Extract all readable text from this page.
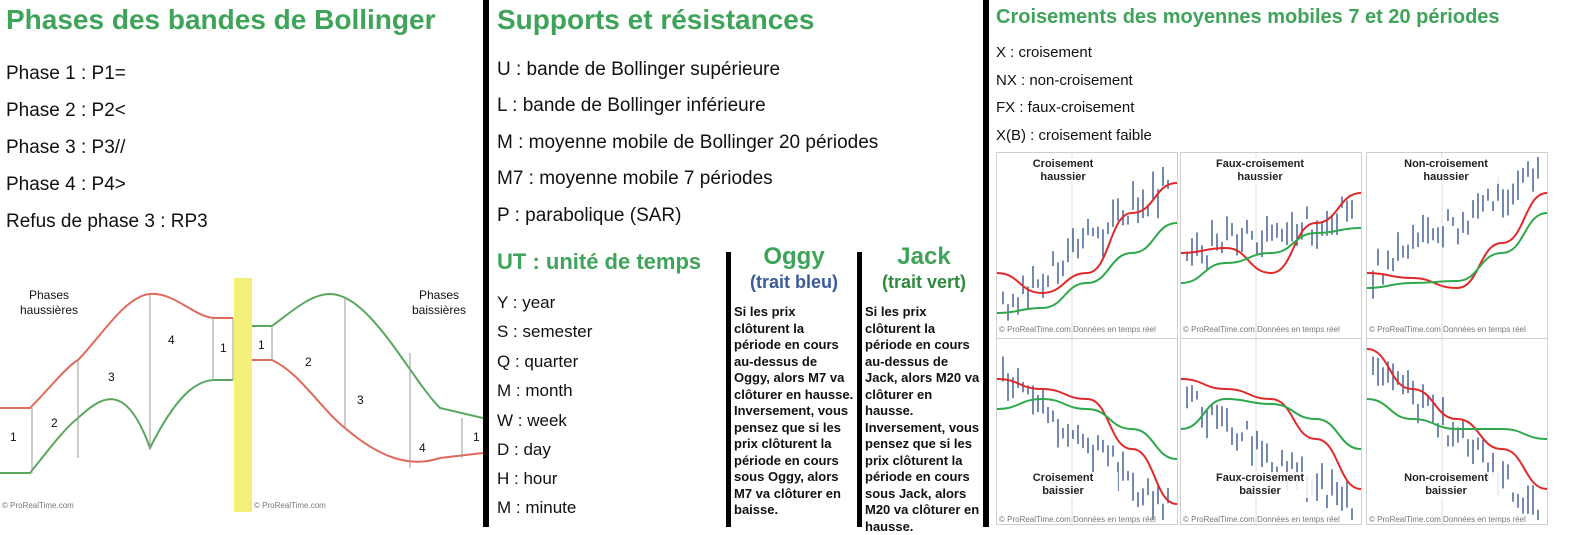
Phases des bandes de Bollinger
Phase 1 : P1=
Phase 2 : P2<
Phase 3 : P3//
Phase 4 : P4>
Refus de phase 3 : RP3
Phases
haussières
Phases
baissières
1
2
3
4
1	1
2
3
4
1
© ProRealTime.com	© ProRealTime.com
Supports et résistances
U : bande de Bollinger supérieure
L : bande de Bollinger inférieure
M : moyenne mobile de Bollinger 20 périodes
M7 : moyenne mobile 7 périodes
P : parabolique (SAR)
UT : unité de temps
Y : year
S : semester
Q : quarter
M : month
W : week
D : day
H : hour
M : minute
Oggy
(trait bleu)
Si les prix clôturent la période en cours au-dessus de Oggy, alors M7 va clôturer en hausse. Inversement, vous pensez que si les prix clôturent la période en cours sous Oggy, alors M7 va clôturer en baisse.
Jack
(trait vert)
Si les prix clôturent la période en cours au-dessus de Jack, alors M20 va clôturer en hausse. Inversement, vous pensez que si les prix clôturent la période en cours sous Jack, alors M20 va clôturer en hausse.
Croisements des moyennes mobiles 7 et 20 périodes
X : croisement
NX : non-croisement
FX : faux-croisement
X(B) : croisement faible
Croisement
haussier
© ProRealTime.com Données en temps réel
Faux-croisement
haussier
© ProRealTime.com Données en temps réel
Non-croisement
haussier
© ProRealTime.com Données en temps réel
Croisement
baissier
© ProRealTime.com Données en temps réel
Faux-croisement
baissier
© ProRealTime.com Données en temps réel
Non-croisement
baissier
© ProRealTime.com Données en temps réel
